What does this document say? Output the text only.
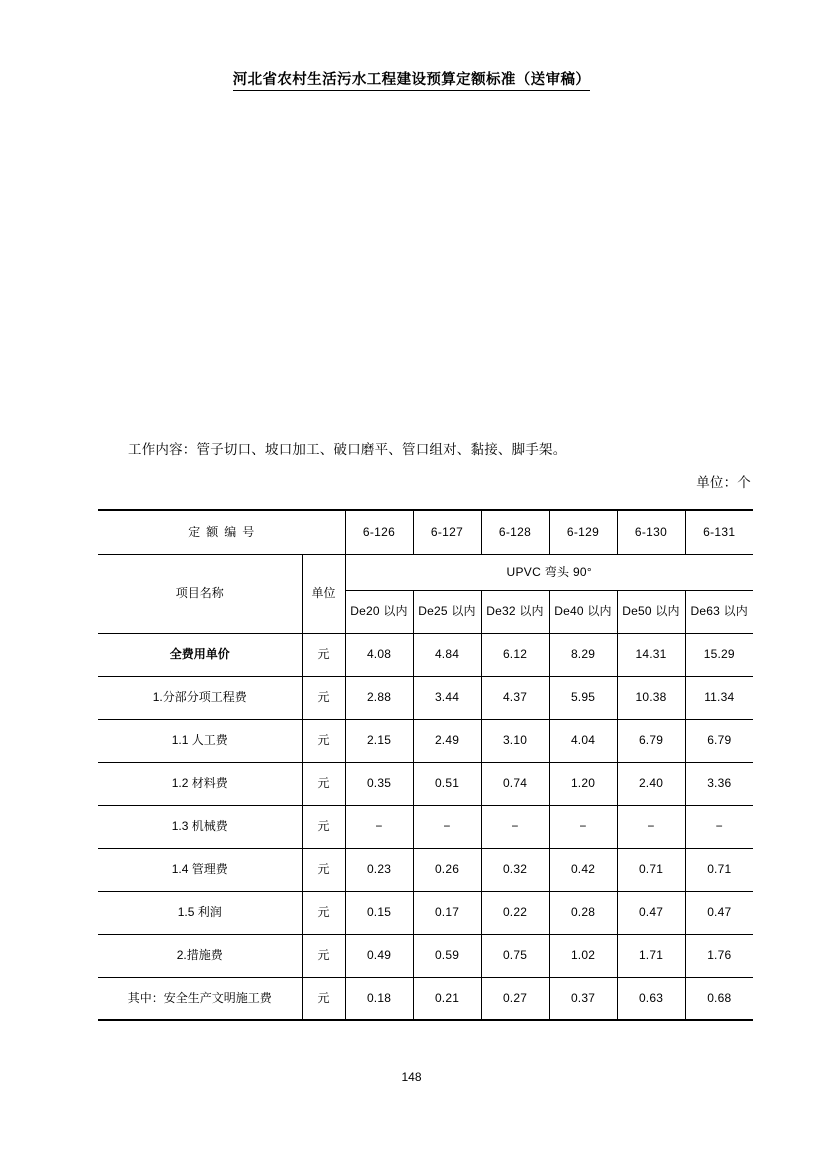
河北省农村生活污水工程建设预算定额标准（送审稿）
工作内容：管子切口、坡口加工、破口磨平、管口组对、黏接、脚手架。
单位：个
定额编号		6-126	6-127	6-128	6-129	6-130	6-131
项目名称	单位	UPVC 弯头 90°					
		De20 以内	De25 以内	De32 以内	De40 以内	De50 以内	De63 以内
全费用单价	元	4.08	4.84	6.12	8.29	14.31	15.29
1.分部分项工程费	元	2.88	3.44	4.37	5.95	10.38	11.34
1.1 人工费	元	2.15	2.49	3.10	4.04	6.79	6.79
1.2 材料费	元	0.35	0.51	0.74	1.20	2.40	3.36
1.3 机械费	元	−	−	−	−	−	−
1.4 管理费	元	0.23	0.26	0.32	0.42	0.71	0.71
1.5 利润	元	0.15	0.17	0.22	0.28	0.47	0.47
2.措施费	元	0.49	0.59	0.75	1.02	1.71	1.76
其中：安全生产文明施工费	元	0.18	0.21	0.27	0.37	0.63	0.68
148
